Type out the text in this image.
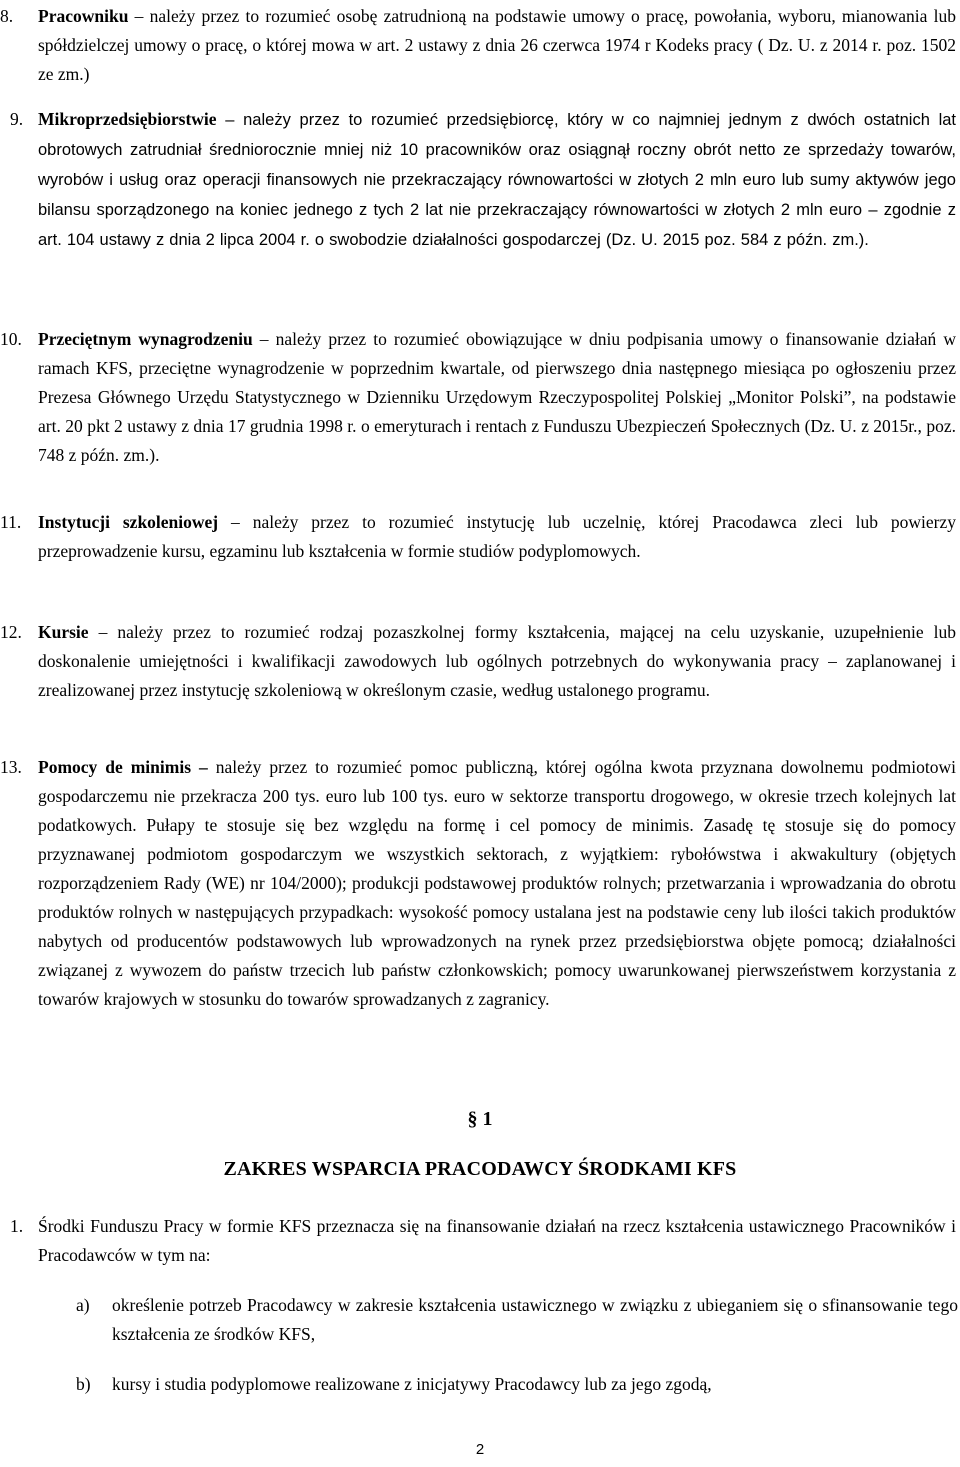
8. Pracowniku – należy przez to rozumieć osobę zatrudnioną na podstawie umowy o pracę, powołania, wyboru, mianowania lub spółdzielczej umowy o pracę, o której mowa w art. 2 ustawy z dnia 26 czerwca 1974 r Kodeks pracy ( Dz. U. z 2014 r. poz. 1502 ze zm.)
9. Mikroprzedsiębiorstwie – należy przez to rozumieć przedsiębiorcę, który w co najmniej jednym z dwóch ostatnich lat obrotowych zatrudniał średniorocznie mniej niż 10 pracowników oraz osiągnął roczny obrót netto ze sprzedaży towarów, wyrobów i usług oraz operacji finansowych nie przekraczający równowartości w złotych 2 mln euro lub sumy aktywów jego bilansu sporządzonego na koniec jednego z tych 2 lat nie przekraczający równowartości w złotych 2 mln euro – zgodnie z art. 104 ustawy z dnia 2 lipca 2004 r. o swobodzie działalności gospodarczej (Dz. U. 2015 poz. 584 z późn. zm.).
10. Przeciętnym wynagrodzeniu – należy przez to rozumieć obowiązujące w dniu podpisania umowy o finansowanie działań w ramach KFS, przeciętne wynagrodzenie w poprzednim kwartale, od pierwszego dnia następnego miesiąca po ogłoszeniu przez Prezesa Głównego Urzędu Statystycznego w Dzienniku Urzędowym Rzeczypospolitej Polskiej „Monitor Polski”, na podstawie art. 20 pkt 2 ustawy z dnia 17 grudnia 1998 r. o emeryturach i rentach z Funduszu Ubezpieczeń Społecznych (Dz. U. z 2015r., poz. 748 z późn. zm.).
11. Instytucji szkoleniowej – należy przez to rozumieć instytucję lub uczelnię, której Pracodawca zleci lub powierzy przeprowadzenie kursu, egzaminu lub kształcenia w formie studiów podyplomowych.
12. Kursie – należy przez to rozumieć rodzaj pozaszkolnej formy kształcenia, mającej na celu uzyskanie, uzupełnienie lub doskonalenie umiejętności i kwalifikacji zawodowych lub ogólnych potrzebnych do wykonywania pracy – zaplanowanej i zrealizowanej przez instytucję szkoleniową w określonym czasie, według ustalonego programu.
13. Pomocy de minimis – należy przez to rozumieć pomoc publiczną, której ogólna kwota przyznana dowolnemu podmiotowi gospodarczemu nie przekracza 200 tys. euro lub 100 tys. euro w sektorze transportu drogowego, w okresie trzech kolejnych lat podatkowych. Pułapy te stosuje się bez względu na formę i cel pomocy de minimis. Zasadę tę stosuje się do pomocy przyznawanej podmiotom gospodarczym we wszystkich sektorach, z wyjątkiem: rybołówstwa i akwakultury (objętych rozporządzeniem Rady (WE) nr 104/2000); produkcji podstawowej produktów rolnych; przetwarzania i wprowadzania do obrotu produktów rolnych w następujących przypadkach: wysokość pomocy ustalana jest na podstawie ceny lub ilości takich produktów nabytych od producentów podstawowych lub wprowadzonych na rynek przez przedsiębiorstwa objęte pomocą; działalności związanej z wywozem do państw trzecich lub państw członkowskich; pomocy uwarunkowanej pierwszeństwem korzystania z towarów krajowych w stosunku do towarów sprowadzanych z zagranicy.
§ 1
ZAKRES WSPARCIA PRACODAWCY ŚRODKAMI KFS
1. Środki Funduszu Pracy w formie KFS przeznacza się na finansowanie działań na rzecz kształcenia ustawicznego Pracowników i Pracodawców w tym na:
a) określenie potrzeb Pracodawcy w zakresie kształcenia ustawicznego w związku z ubieganiem się o sfinansowanie tego kształcenia ze środków KFS,
b) kursy i studia podyplomowe realizowane z inicjatywy Pracodawcy lub za jego zgodą,
2
